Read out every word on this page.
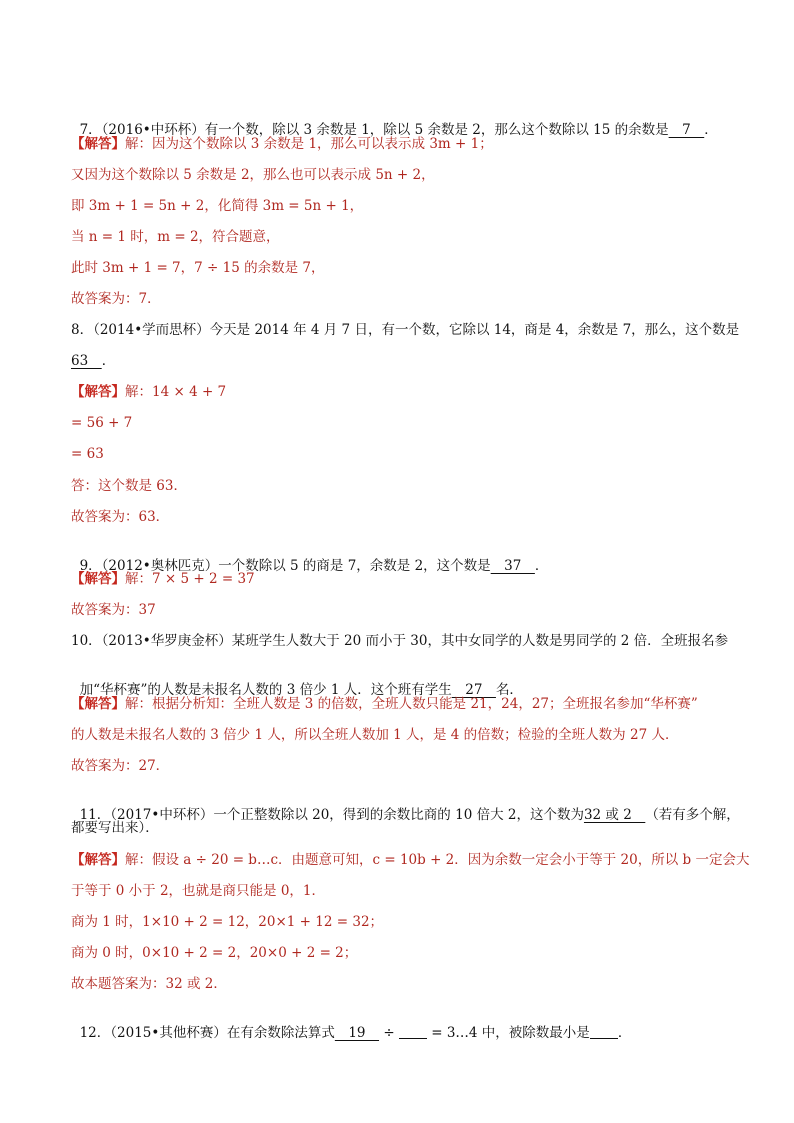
7．（2016•中环杯）有一个数，除以 3 余数是 1，除以 5 余数是 2，那么这个数除以 15 的余数是　7　．

【解答】解：因为这个数除以 3 余数是 1，那么可以表示成 3m + 1；
又因为这个数除以 5 余数是 2，那么也可以表示成 5n + 2，
即 3m + 1 = 5n + 2，化简得 3m = 5n + 1，
当 n = 1 时，m = 2，符合题意，
此时 3m + 1 = 7，7 ÷ 15 的余数是 7，
故答案为：7．
8．（2014•学而思杯）今天是 2014 年 4 月 7 日，有一个数，它除以 14，商是 4，余数是 7，那么，这个数是
63　．
【解答】解：14 × 4 + 7
= 56 + 7
= 63
答：这个数是 63．
故答案为：63．

9．（2012•奥林匹克）一个数除以 5 的商是 7，余数是 2，这个数是　37　．

【解答】解：7 × 5 + 2 = 37
故答案为：37
10．（2013•华罗庚金杯）某班学生人数大于 20 而小于 30，其中女同学的人数是男同学的 2 倍．全班报名参

加“华杯赛”的人数是未报名人数的 3 倍少 1 人．这个班有学生　27　名．

【解答】解：根据分析知：全班人数是 3 的倍数，全班人数只能是 21，24，27；全班报名参加“华杯赛”
的人数是未报名人数的 3 倍少 1 人，所以全班人数加 1 人，是 4 的倍数；检验的全班人数为 27 人．
故答案为：27．

11．（2017•中环杯）一个正整数除以 20，得到的余数比商的 10 倍大 2，这个数为32 或 2　（若有多个解，

都要写出来）．
【解答】解：假设 a ÷ 20 = b…c．由题意可知，c = 10b + 2．因为余数一定会小于等于 20，所以 b 一定会大
于等于 0 小于 2，也就是商只能是 0，1．
商为 1 时，1×10 + 2 = 12，20×1 + 12 = 32；
商为 0 时，0×10 + 2 = 2，20×0 + 2 = 2；
故本题答案为：32 或 2．

12．（2015•其他杯赛）在有余数除法算式　19　 ÷  = 3…4 中，被除数最小是 ．
